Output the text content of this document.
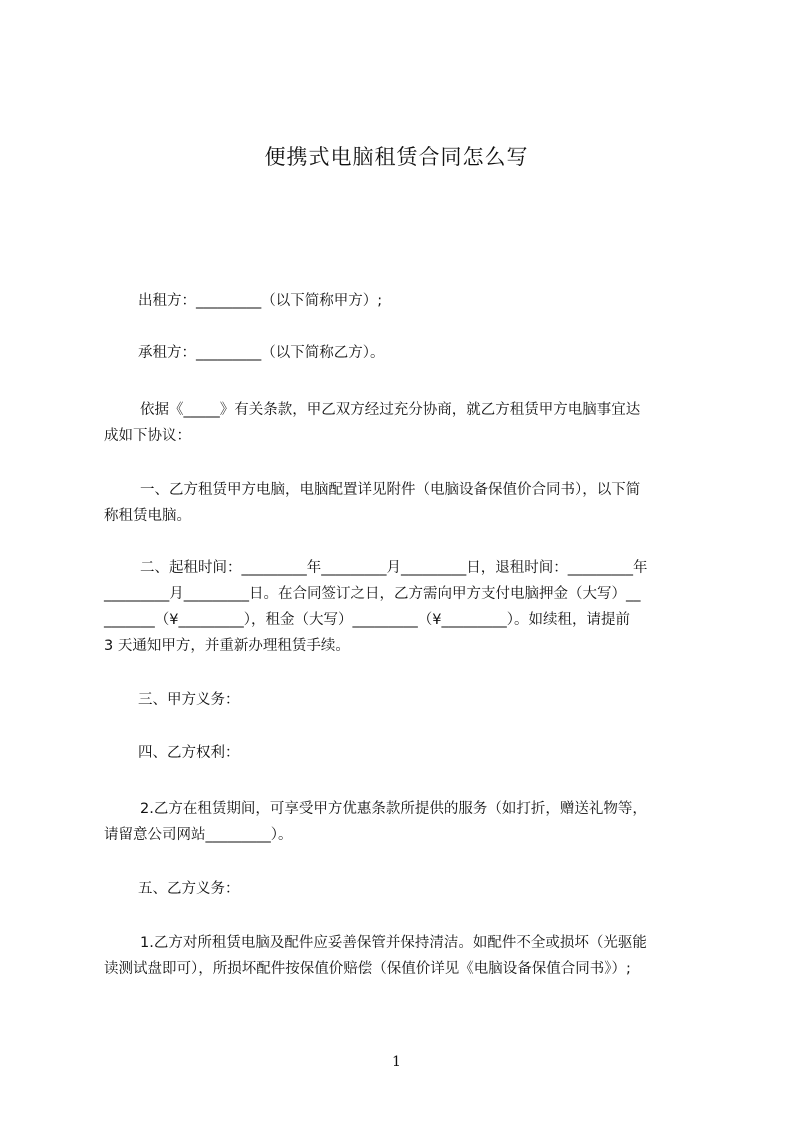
便携式电脑租赁合同怎么写

出租方：_________（以下简称甲方）;

承租方：_________（以下简称乙方）。

依据《_____》有关条款，甲乙双方经过充分协商，就乙方租赁甲方电脑事宜达
成如下协议：

一、乙方租赁甲方电脑，电脑配置详见附件（电脑设备保值价合同书），以下简
称租赁电脑。

二、起租时间：_________年_________月_________日，退租时间：_________年
_________月_________日。在合同签订之日，乙方需向甲方支付电脑押金（大写）__
_______（¥_________），租金（大写）_________（¥_________）。如续租，请提前
3 天通知甲方，并重新办理租赁手续。

三、甲方义务：

四、乙方权利：

2.乙方在租赁期间，可享受甲方优惠条款所提供的服务（如打折，赠送礼物等，
请留意公司网站_________）。

五、乙方义务：

1.乙方对所租赁电脑及配件应妥善保管并保持清洁。如配件不全或损坏（光驱能
读测试盘即可），所损坏配件按保值价赔偿（保值价详见《电脑设备保值合同书》）;

1
